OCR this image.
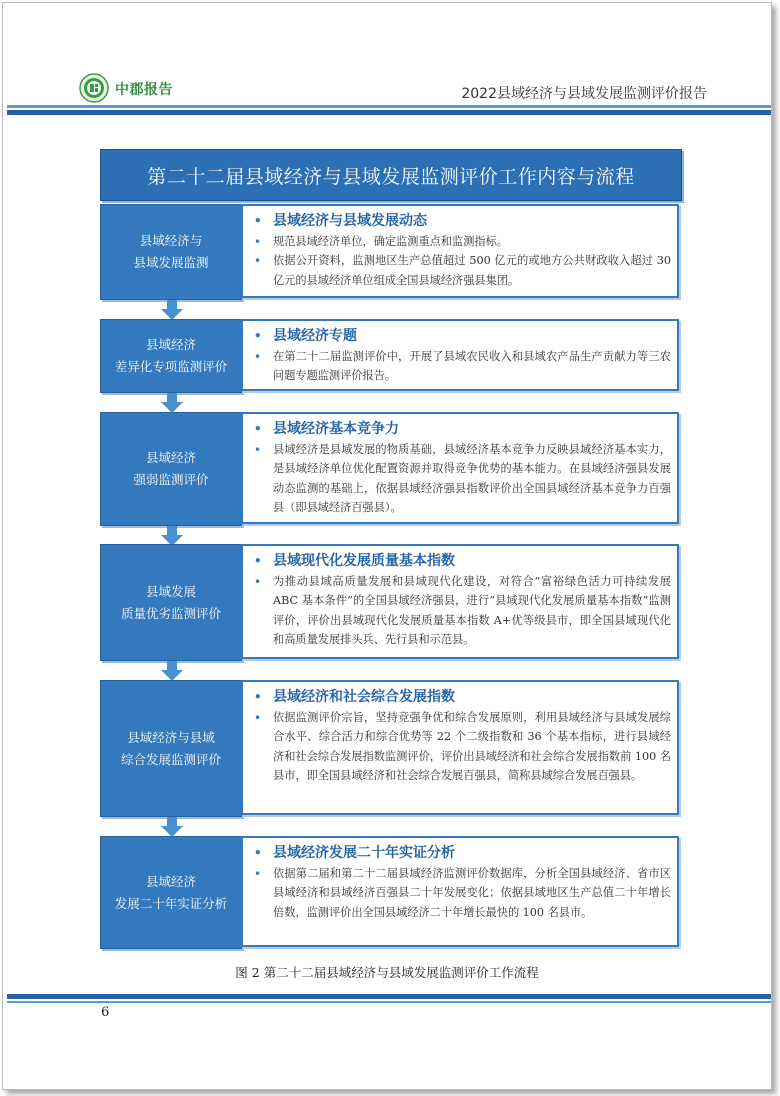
中郡报告	2022县域经济与县域发展监测评价报告
第二十二届县域经济与县域发展监测评价工作内容与流程
县域经济与
县域发展监测
• 县域经济与县域发展动态
• 规范县域经济单位，确定监测重点和监测指标。
• 依据公开资料，监测地区生产总值超过 500 亿元的或地方公共财政收入超过 30 亿元的县域经济单位组成全国县域经济强县集团。
县域经济
差异化专项监测评价
• 县域经济专题
• 在第二十二届监测评价中，开展了县域农民收入和县域农产品生产贡献力等三农问题专题监测评价报告。
县域经济
强弱监测评价
• 县域经济基本竞争力
• 县域经济是县域发展的物质基础，县域经济基本竞争力反映县域经济基本实力，是县域经济单位优化配置资源并取得竞争优势的基本能力。在县域经济强县发展动态监测的基础上，依据县域经济强县指数评价出全国县域经济基本竞争力百强县（即县域经济百强县）。
县域发展
质量优劣监测评价
• 县域现代化发展质量基本指数
• 为推动县域高质量发展和县域现代化建设，对符合“富裕绿色活力可持续发展 ABC 基本条件”的全国县域经济强县，进行“县域现代化发展质量基本指数”监测评价，评价出县域现代化发展质量基本指数 A+优等级县市，即全国县域现代化和高质量发展排头兵、先行县和示范县。
县域经济与县域
综合发展监测评价
• 县域经济和社会综合发展指数
• 依据监测评价宗旨，坚持竞强争优和综合发展原则，利用县域经济与县域发展综合水平、综合活力和综合优势等 22 个二级指数和 36 个基本指标，进行县域经济和社会综合发展指数监测评价，评价出县域经济和社会综合发展指数前 100 名县市，即全国县域经济和社会综合发展百强县，简称县域综合发展百强县。
县域经济
发展二十年实证分析
• 县域经济发展二十年实证分析
• 依据第二届和第二十二届县域经济监测评价数据库，分析全国县域经济、省市区县域经济和县域经济百强县二十年发展变化；依据县域地区生产总值二十年增长倍数，监测评价出全国县域经济二十年增长最快的 100 名县市。
图 2 第二十二届县域经济与县域发展监测评价工作流程
6
